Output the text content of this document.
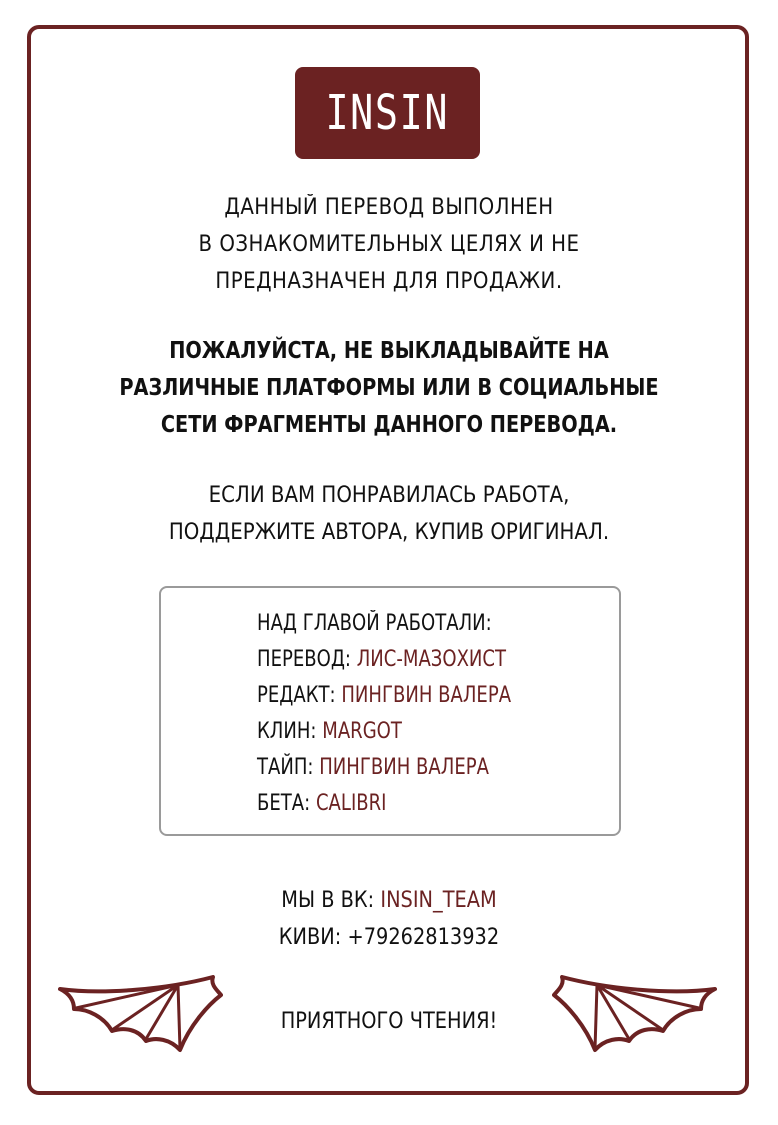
INSIN
ДАННЫЙ ПЕРЕВОД ВЫПОЛНЕН
В ОЗНАКОМИТЕЛЬНЫХ ЦЕЛЯХ И НЕ
ПРЕДНАЗНАЧЕН ДЛЯ ПРОДАЖИ.
ПОЖАЛУЙСТА, НЕ ВЫКЛАДЫВАЙТЕ НА
РАЗЛИЧНЫЕ ПЛАТФОРМЫ ИЛИ В СОЦИАЛЬНЫЕ
СЕТИ ФРАГМЕНТЫ ДАННОГО ПЕРЕВОДА.
ЕСЛИ ВАМ ПОНРАВИЛАСЬ РАБОТА,
ПОДДЕРЖИТЕ АВТОРА, КУПИВ ОРИГИНАЛ.
НАД ГЛАВОЙ РАБОТАЛИ:
ПЕРЕВОД: ЛИС-МАЗОХИСТ
РЕДАКТ: ПИНГВИН ВАЛЕРА
КЛИН: MARGOT
ТАЙП: ПИНГВИН ВАЛЕРА
БЕТА: CALIBRI
МЫ В ВК: INSIN_TEAM
КИВИ: +79262813932
ПРИЯТНОГО ЧТЕНИЯ!
